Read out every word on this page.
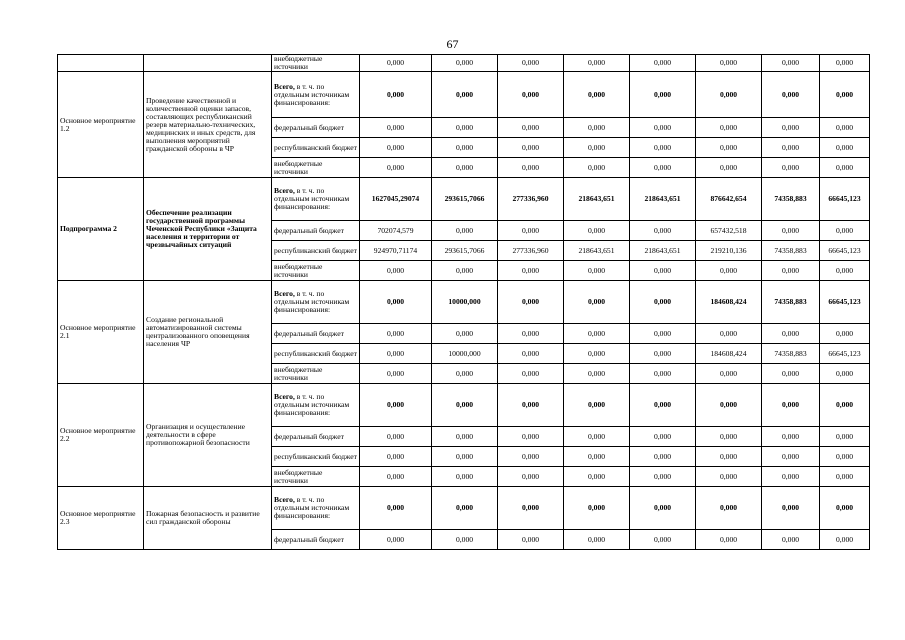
67
		внебюджетные источники	0,000	0,000	0,000	0,000	0,000	0,000	0,000	0,000
Основное мероприятие 1.2	Проведение качественной и количественной оценки запасов, составляющих республиканский резерв материально-технических, медицинских и иных средств, для выполнения мероприятий гражданской обороны в ЧР	Всего, в т. ч. по отдельным источникам финансирования:	0,000	0,000	0,000	0,000	0,000	0,000	0,000	0,000
		федеральный бюджет	0,000	0,000	0,000	0,000	0,000	0,000	0,000	0,000
		республиканский бюджет	0,000	0,000	0,000	0,000	0,000	0,000	0,000	0,000
		внебюджетные источники	0,000	0,000	0,000	0,000	0,000	0,000	0,000	0,000
Подпрограмма 2	Обеспечение реализации государственной программы Чеченской Республики «Защита населения и территории от чрезвычайных ситуаций	Всего, в т. ч. по отдельным источникам финансирования:	1627045,29074	293615,7066	277336,960	218643,651	218643,651	876642,654	74358,883	66645,123
		федеральный бюджет	702074,579	0,000	0,000	0,000	0,000	657432,518	0,000	0,000
		республиканский бюджет	924970,71174	293615,7066	277336,960	218643,651	218643,651	219210,136	74358,883	66645,123
		внебюджетные источники	0,000	0,000	0,000	0,000	0,000	0,000	0,000	0,000
Основное мероприятие 2.1	Создание региональной автоматизированной системы централизованного оповещения населения ЧР	Всего, в т. ч. по отдельным источникам финансирования:	0,000	10000,000	0,000	0,000	0,000	184608,424	74358,883	66645,123
		федеральный бюджет	0,000	0,000	0,000	0,000	0,000	0,000	0,000	0,000
		республиканский бюджет	0,000	10000,000	0,000	0,000	0,000	184608,424	74358,883	66645,123
		внебюджетные источники	0,000	0,000	0,000	0,000	0,000	0,000	0,000	0,000
Основное мероприятие 2.2	Организация и осуществление деятельности в сфере противопожарной безопасности	Всего, в т. ч. по отдельным источникам финансирования:	0,000	0,000	0,000	0,000	0,000	0,000	0,000	0,000
		федеральный бюджет	0,000	0,000	0,000	0,000	0,000	0,000	0,000	0,000
		республиканский бюджет	0,000	0,000	0,000	0,000	0,000	0,000	0,000	0,000
		внебюджетные источники	0,000	0,000	0,000	0,000	0,000	0,000	0,000	0,000
Основное мероприятие 2.3	Пожарная безопасность и развитие сил гражданской обороны	Всего, в т. ч. по отдельным источникам финансирования:	0,000	0,000	0,000	0,000	0,000	0,000	0,000	0,000
		федеральный бюджет	0,000	0,000	0,000	0,000	0,000	0,000	0,000	0,000
